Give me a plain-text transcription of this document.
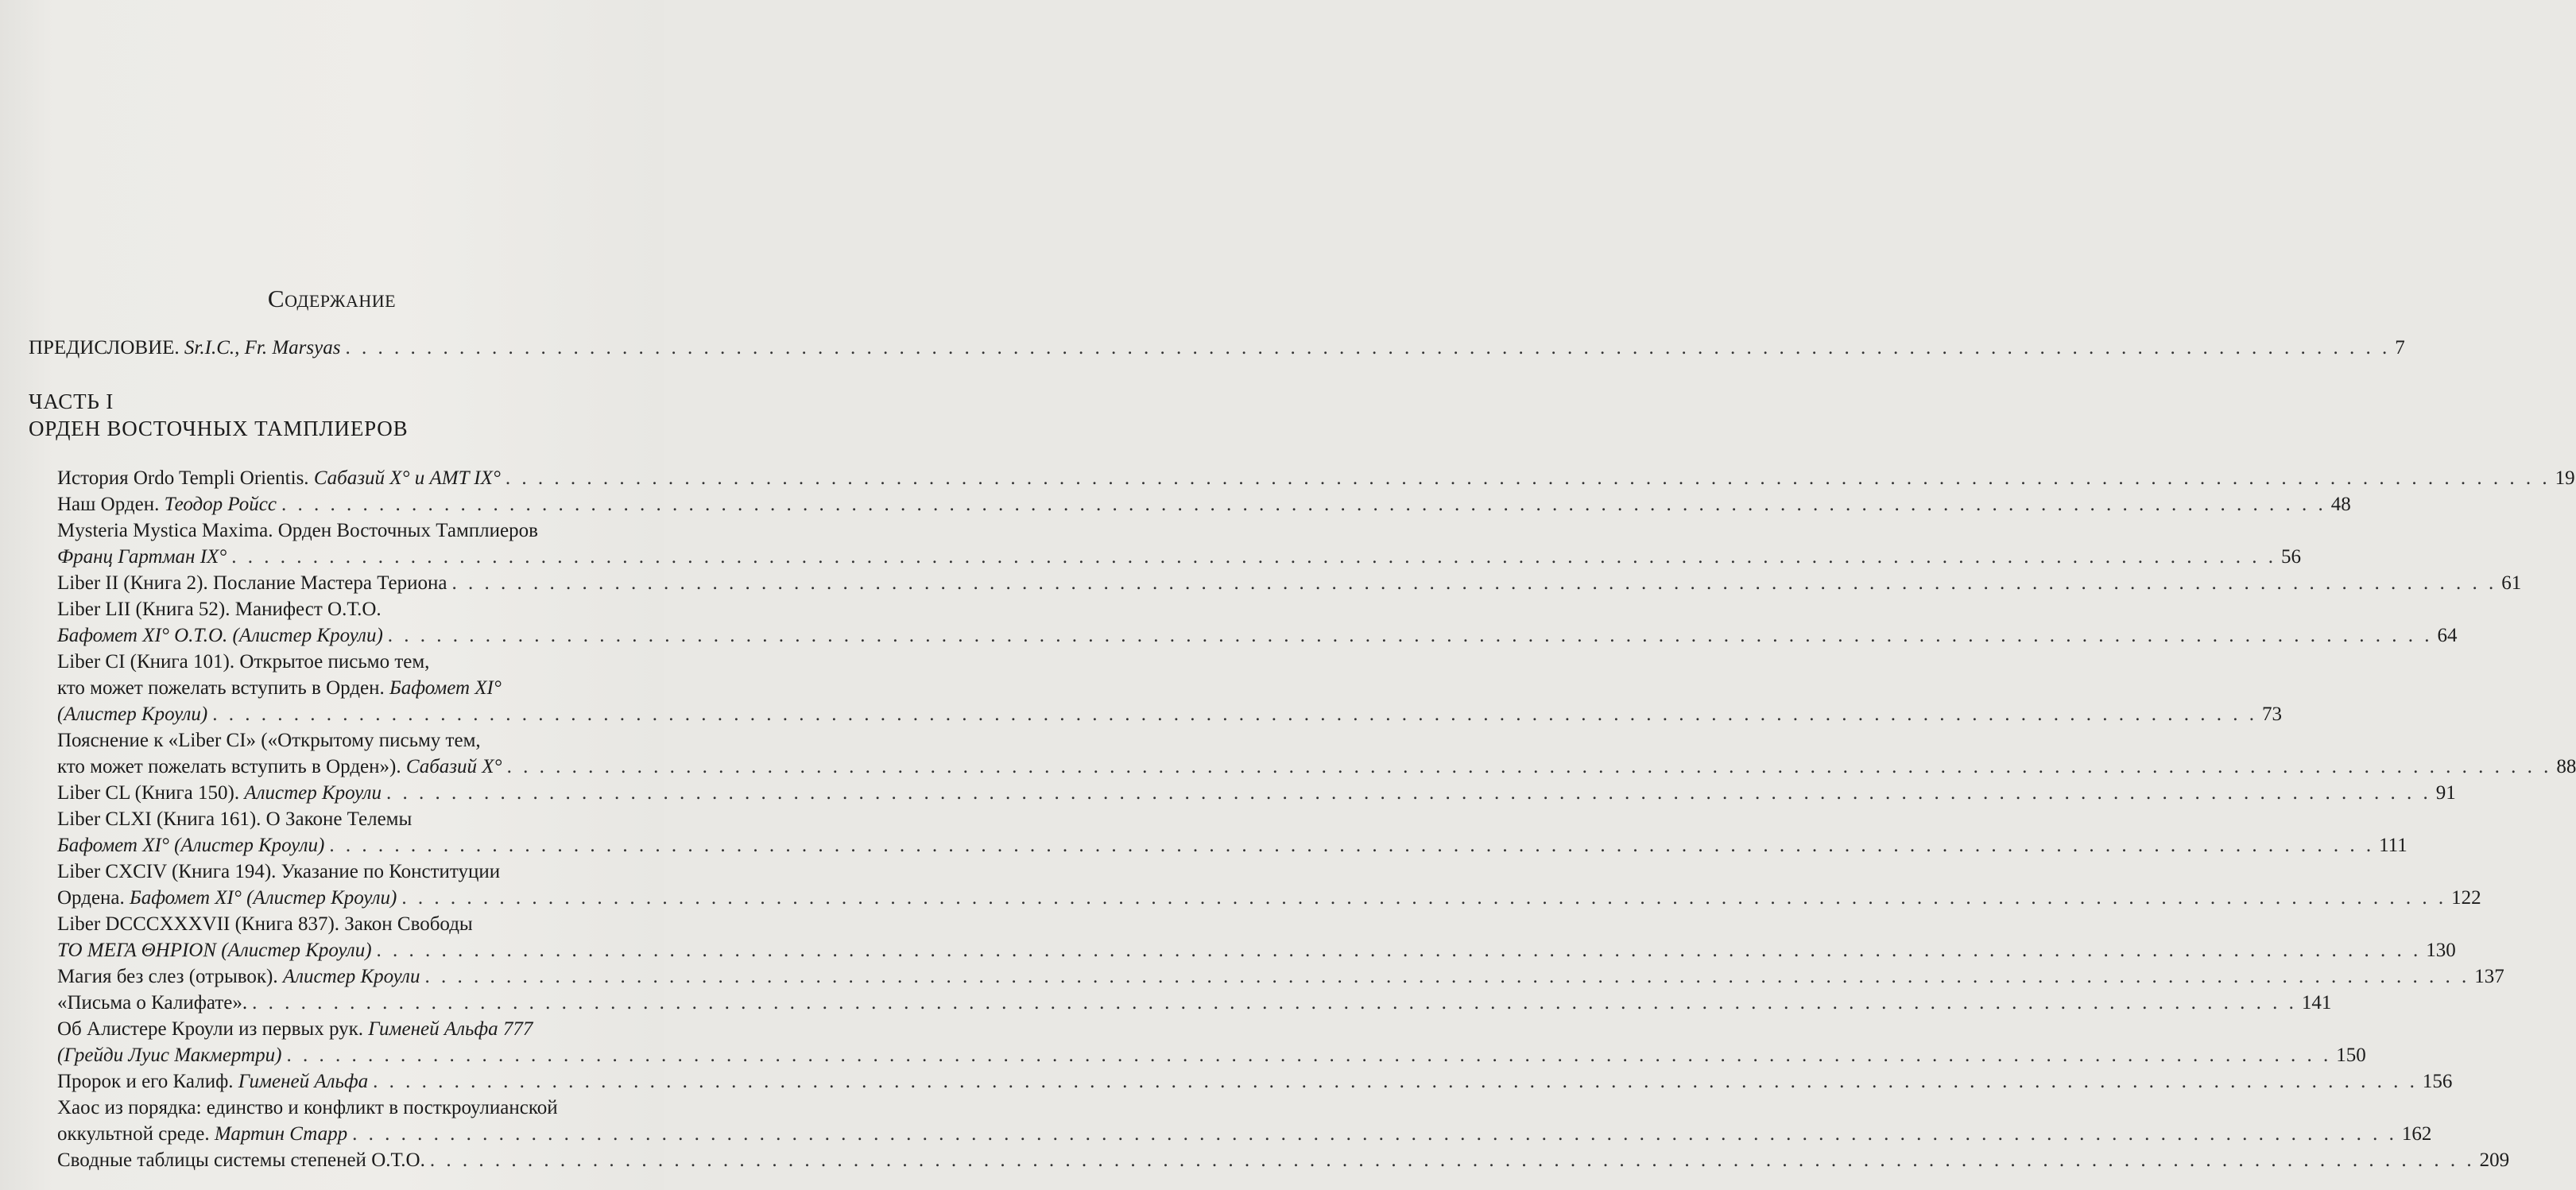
Содержание
ПРЕДИСЛОВИЕ. Sr.I.C., Fr. Marsyas . . .	7
ЧАСТЬ I
ОРДЕН ВОСТОЧНЫХ ТАМПЛИЕРОВ
История Ordo Templi Orientis. Сабазий X° и AMT IX° . . .	19
Наш Орден. Теодор Ройсс . . .	48
Mysteria Mystica Maxima. Орден Восточных Тамплиеров
Франц Гартман IX° . . .	56
Liber II (Книга 2). Послание Мастера Териона . . .	61
Liber LII (Книга 52). Манифест О.Т.О.
Бафомет XI° О.Т.О. (Алистер Кроули) . . .	64
Liber CI (Книга 101). Открытое письмо тем,
кто может пожелать вступить в Орден. Бафомет XI°
(Алистер Кроули) . . .	73
Пояснение к «Liber CI» («Открытому письму тем,
кто может пожелать вступить в Орден»). Сабазий X° . . .	88
Liber CL (Книга 150). Алистер Кроули . . .	91
Liber CLXI (Книга 161). О Законе Телемы
Бафомет XI° (Алистер Кроули) . . .	111
Liber CXCIV (Книга 194). Указание по Конституции
Ордена. Бафомет XI° (Алистер Кроули) . . .	122
Liber DCCCXXXVII (Книга 837). Закон Свободы
ΤΟ ΜΕΓΑ ΘΗΡΙΟΝ (Алистер Кроули) . . .	130
Магия без слез (отрывок). Алистер Кроули . . .	137
«Письма о Калифате». . . .	141
Об Алистере Кроули из первых рук. Гименей Альфа 777
(Грейди Луис Макмертри) . . .	150
Пророк и его Калиф. Гименей Альфа . . .	156
Хаос из порядка: единство и конфликт в посткроулианской
оккультной среде. Мартин Старр . . .	162
Сводные таблицы системы степеней О.Т.О. . . .	209
